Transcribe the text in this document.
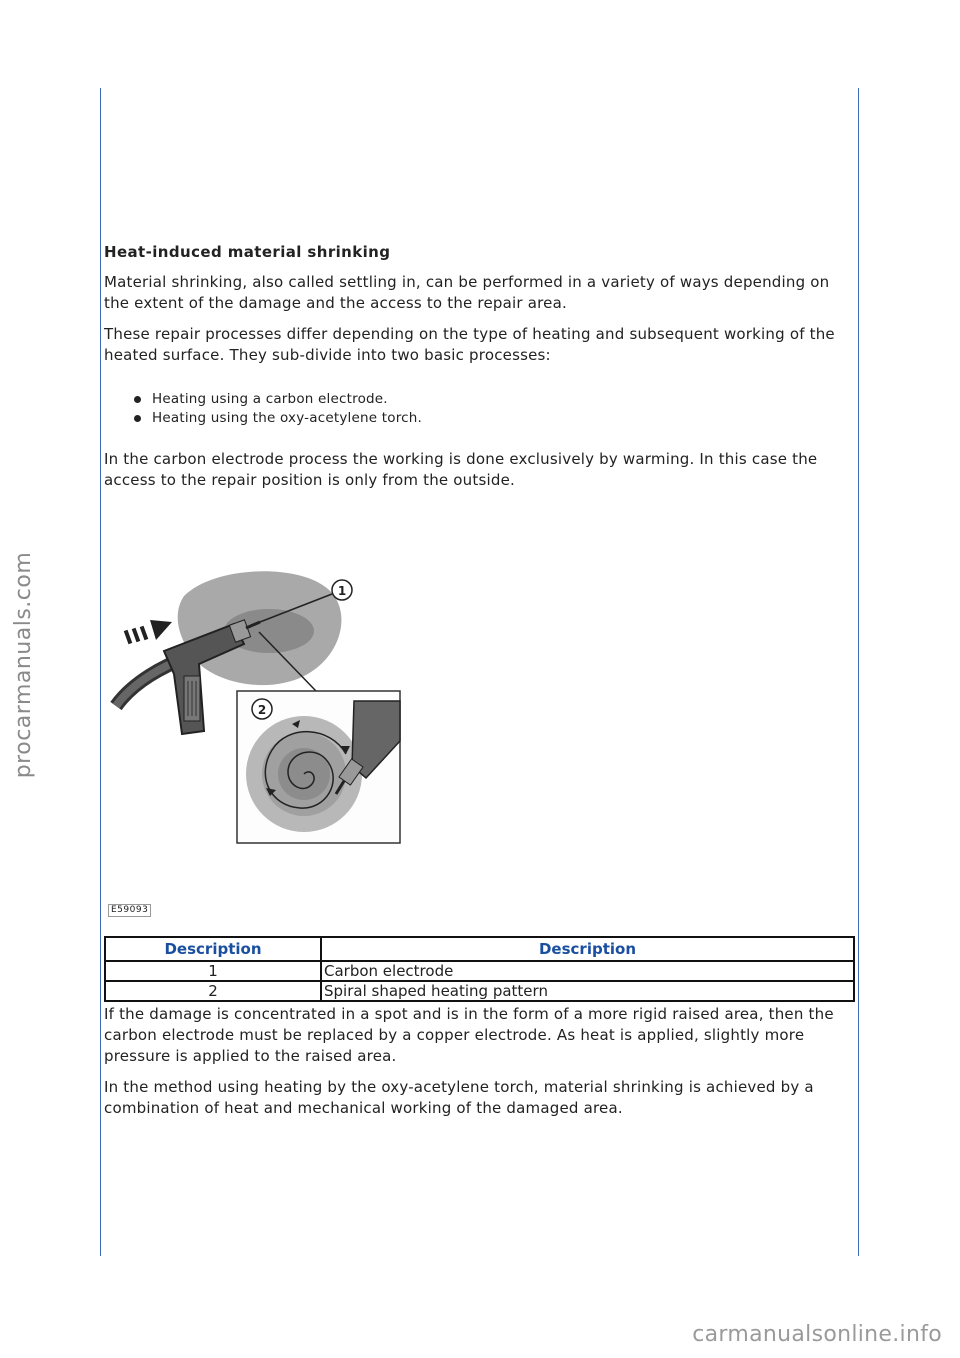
Heat-induced material shrinking

Material shrinking, also called settling in, can be performed in a variety of ways depending on the extent of the damage and the access to the repair area.

These repair processes differ depending on the type of heating and subsequent working of the heated surface. They sub-divide into two basic processes:

Heating using a carbon electrode.
Heating using the oxy-acetylene torch.

In the carbon electrode process the working is done exclusively by warming. In this case the access to the repair position is only from the outside.

1
2
E59093
Description	Description
1	Carbon electrode
2	Spiral shaped heating pattern

If the damage is concentrated in a spot and is in the form of a more rigid raised area, then the carbon electrode must be replaced by a copper electrode. As heat is applied, slightly more pressure is applied to the raised area.

In the method using heating by the oxy-acetylene torch, material shrinking is achieved by a combination of heat and mechanical working of the damaged area.

procarmanuals.com
carmanualsonline.info
